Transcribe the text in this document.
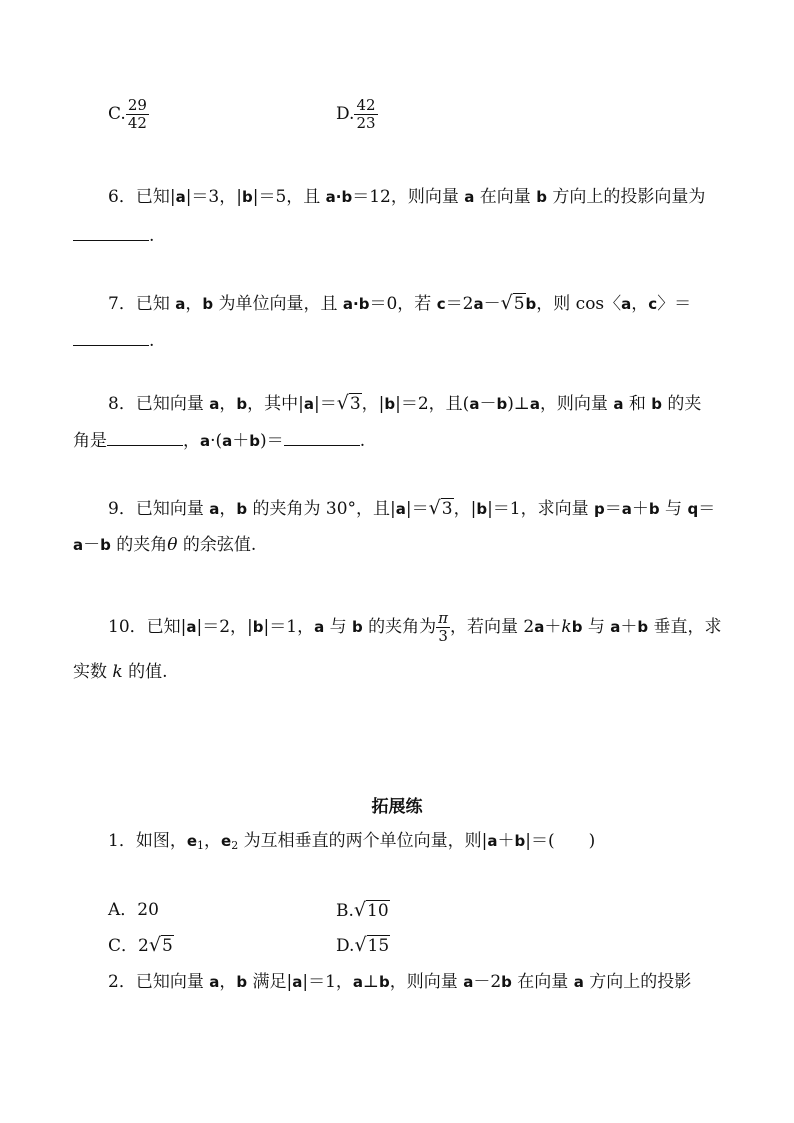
C. $\frac{29}{42}$	D. $\frac{42}{23}$
6．已知|a|＝3，|b|＝5，且 a·b＝12，则向量 a 在向量 b 方向上的投影向量为
.
7．已知 a，b 为单位向量，且 a·b＝0，若 c＝2a－√5b，则 cos〈a，c〉＝
.
8．已知向量 a，b，其中|a|＝√3，|b|＝2，且(a－b)⊥a，则向量 a 和 b 的夹
角是	，a·(a＋b)＝	.
9．已知向量 a，b 的夹角为 30°，且|a|＝√3，|b|＝1，求向量 p＝a＋b 与 q＝
a－b 的夹角θ 的余弦值.
10．已知|a|＝2，|b|＝1，a 与 b 的夹角为 $\frac{\pi}{3}$ ，若向量 2a＋kb 与 a＋b 垂直，求
实数 k 的值.
拓展练
1．如图，$e_1$，$e_2$ 为互相垂直的两个单位向量，则|a＋b|＝(　　)
A．20	B.√10
C．2√5	D.√15
2．已知向量 a，b 满足|a|＝1，a⊥b，则向量 a－2b 在向量 a 方向上的投影
